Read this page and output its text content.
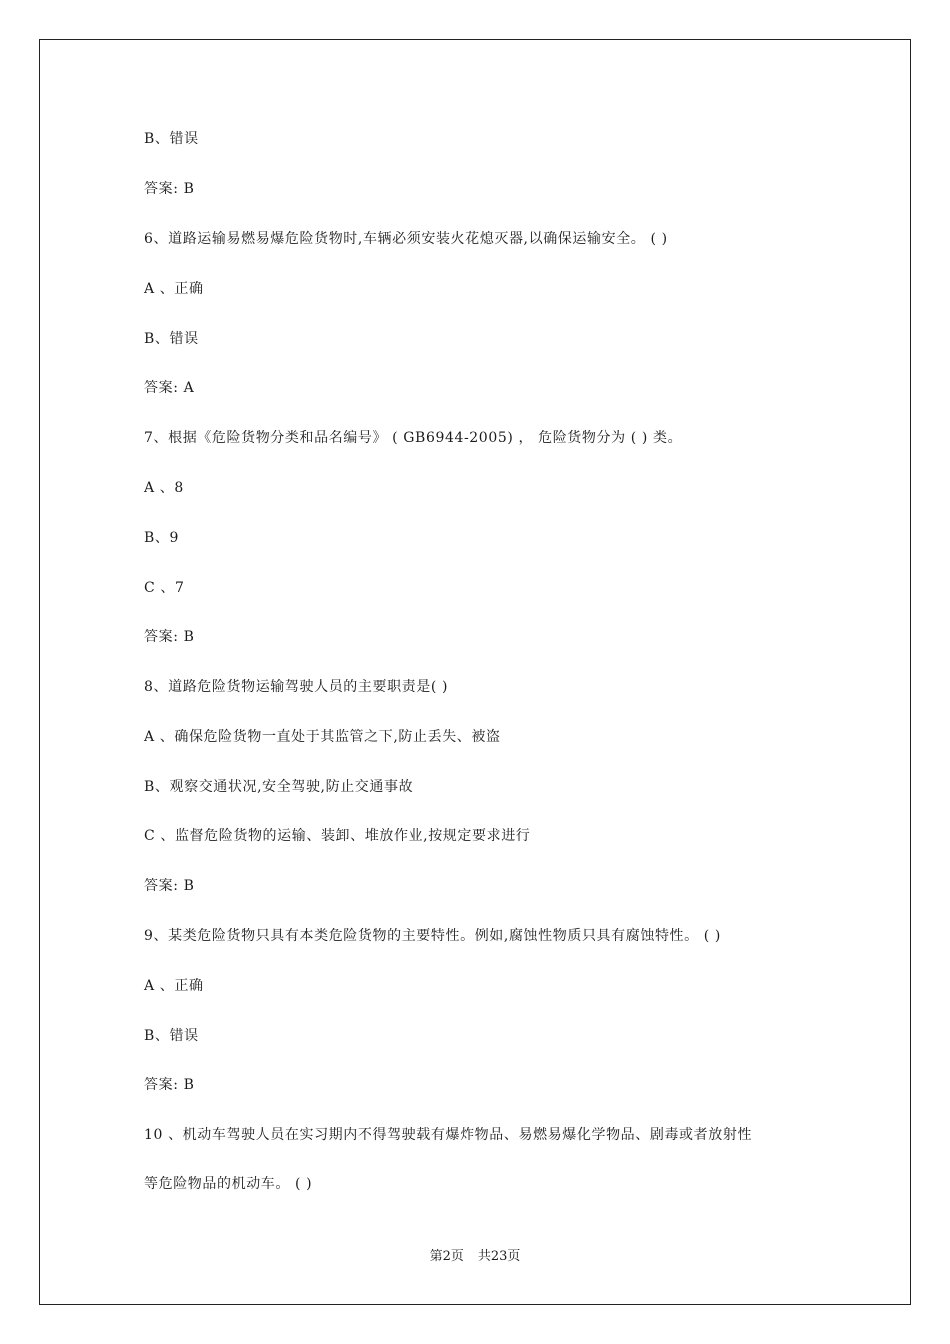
B、错误
答案: B
6、道路运输易燃易爆危险货物时,车辆必须安装火花熄灭器,以确保运输安全。 ( )
A 、正确
B、错误
答案: A
7、根据《危险货物分类和品名编号》 ( GB6944-2005) ， 危险货物分为 ( ) 类。
A 、8
B、9
C 、7
答案: B
8、道路危险货物运输驾驶人员的主要职责是( )
A 、确保危险货物一直处于其监管之下,防止丢失、被盗
B、观察交通状况,安全驾驶,防止交通事故
C 、监督危险货物的运输、装卸、堆放作业,按规定要求进行
答案: B
9、某类危险货物只具有本类危险货物的主要特性。例如,腐蚀性物质只具有腐蚀特性。 ( )
A 、正确
B、错误
答案: B
10 、机动车驾驶人员在实习期内不得驾驶载有爆炸物品、易燃易爆化学物品、剧毒或者放射性
等危险物品的机动车。 ( )
第2页 共23页
